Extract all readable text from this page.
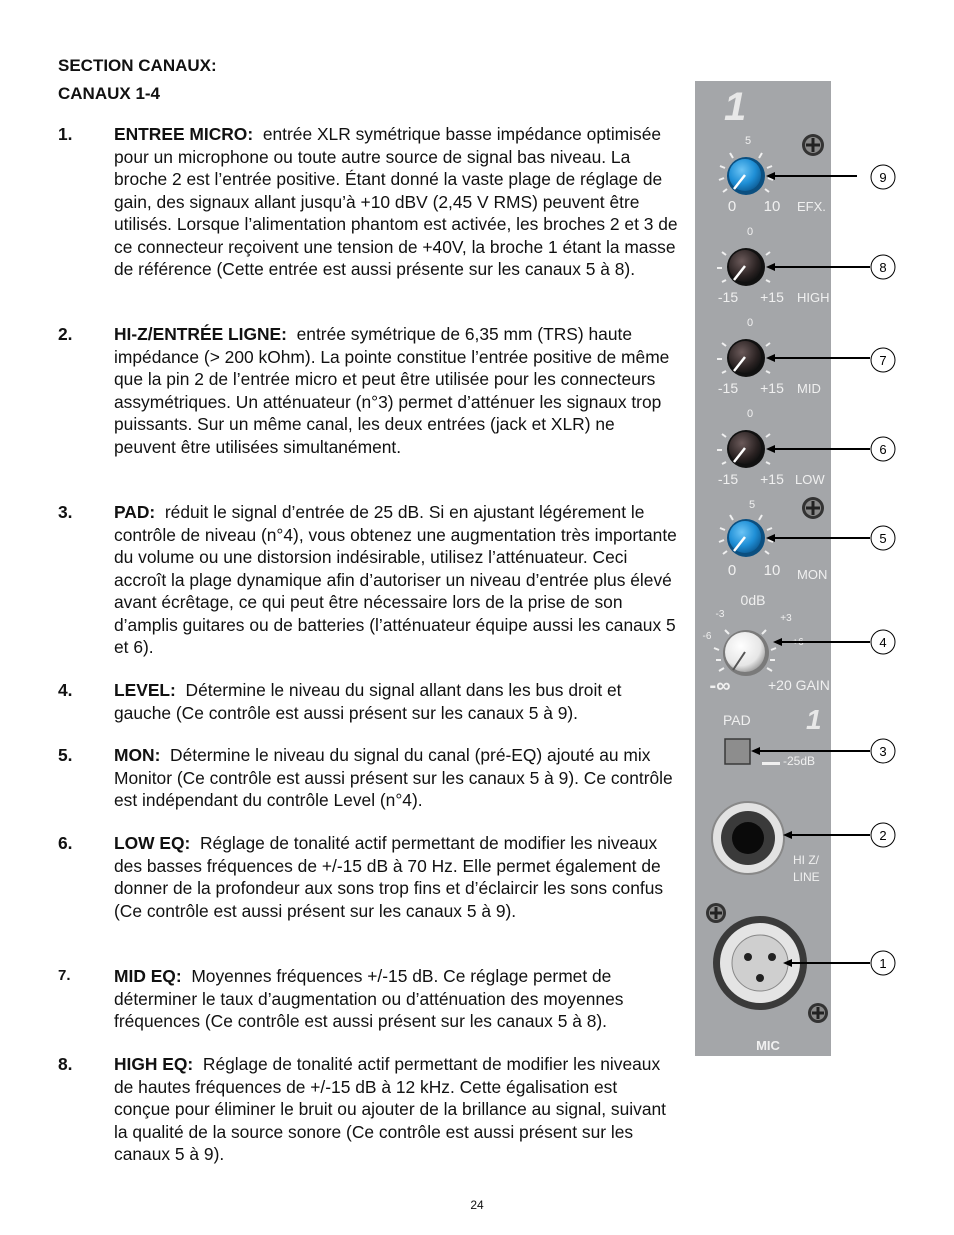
SECTION CANAUX:
CANAUX 1-4
1. ENTREE MICRO: entrée XLR symétrique basse impédance optimisée pour un microphone ou toute autre source de signal bas niveau. La broche 2 est l’entrée positive. Étant donné la vaste plage de réglage de gain, des signaux allant jusqu’à +10 dBV (2,45 V RMS) peuvent être utilisés. Lorsque l’alimentation phantom est activée, les broches 2 et 3 de ce connecteur reçoivent une tension de +40V, la broche 1 étant la masse de référence (Cette entrée est aussi présente sur les canaux 5 à 8).
2. HI-Z/ENTRÉE LIGNE: entrée symétrique de 6,35 mm (TRS) haute impédance (> 200 kOhm). La pointe constitue l’entrée positive de même que la pin 2 de l’entrée micro et peut être utilisée pour les connecteurs assymétriques. Un atténuateur (n°3) permet d’atténuer les signaux trop puissants. Sur un même canal, les deux entrées (jack et XLR) ne peuvent être utilisées simultanément.
3. PAD: réduit le signal d’entrée de 25 dB. Si en ajustant légérement le contrôle de niveau (n°4), vous obtenez une augmentation très importante du volume ou une distorsion indésirable, utilisez l’atténuateur. Ceci accroît la plage dynamique afin d’autoriser un niveau d’entrée plus élevé avant écrêtage, ce qui peut être nécessaire lors de la prise de son d’amplis guitares ou de batteries (l’atténuateur équipe aussi les canaux 5 et 6).
4. LEVEL: Détermine le niveau du signal allant dans les bus droit et gauche (Ce contrôle est aussi présent sur les canaux 5 à 9).
5. MON: Détermine le niveau du signal du canal (pré-EQ) ajouté au mix Monitor (Ce contrôle est aussi présent sur les canaux 5 à 9). Ce contrôle est indépendant du contrôle Level (n°4).
6. LOW EQ: Réglage de tonalité actif permettant de modifier les niveaux des basses fréquences de +/-15 dB à 70 Hz. Elle permet également de donner de la profondeur aux sons trop fins et d’éclaircir les sons confus (Ce contrôle est aussi présent sur les canaux 5 à 9).
7. MID EQ: Moyennes fréquences +/-15 dB. Ce réglage permet de déterminer le taux d’augmentation ou d’atténuation des moyennes fréquences (Ce contrôle est aussi présent sur les canaux 5 à 8).
8. HIGH EQ: Réglage de tonalité actif permettant de modifier les niveaux de hautes fréquences de +/-15 dB à 12 kHz. Cette égalisation est conçue pour éliminer le bruit ou ajouter de la brillance au signal, suivant la qualité de la source sonore (Ce contrôle est aussi présent sur les canaux 5 à 9).
24
1
5
0 10 EFX.
0
-15 +15 HIGH
0
-15 +15 MID
0
-15 +15 LOW
5
0 10 MON
0dB
-3	+3
-6
+6
-∞	+20 GAIN
PAD 1
-25dB
HI Z/
LINE
MIC
9
8
7
6
5
4
3
2
1
